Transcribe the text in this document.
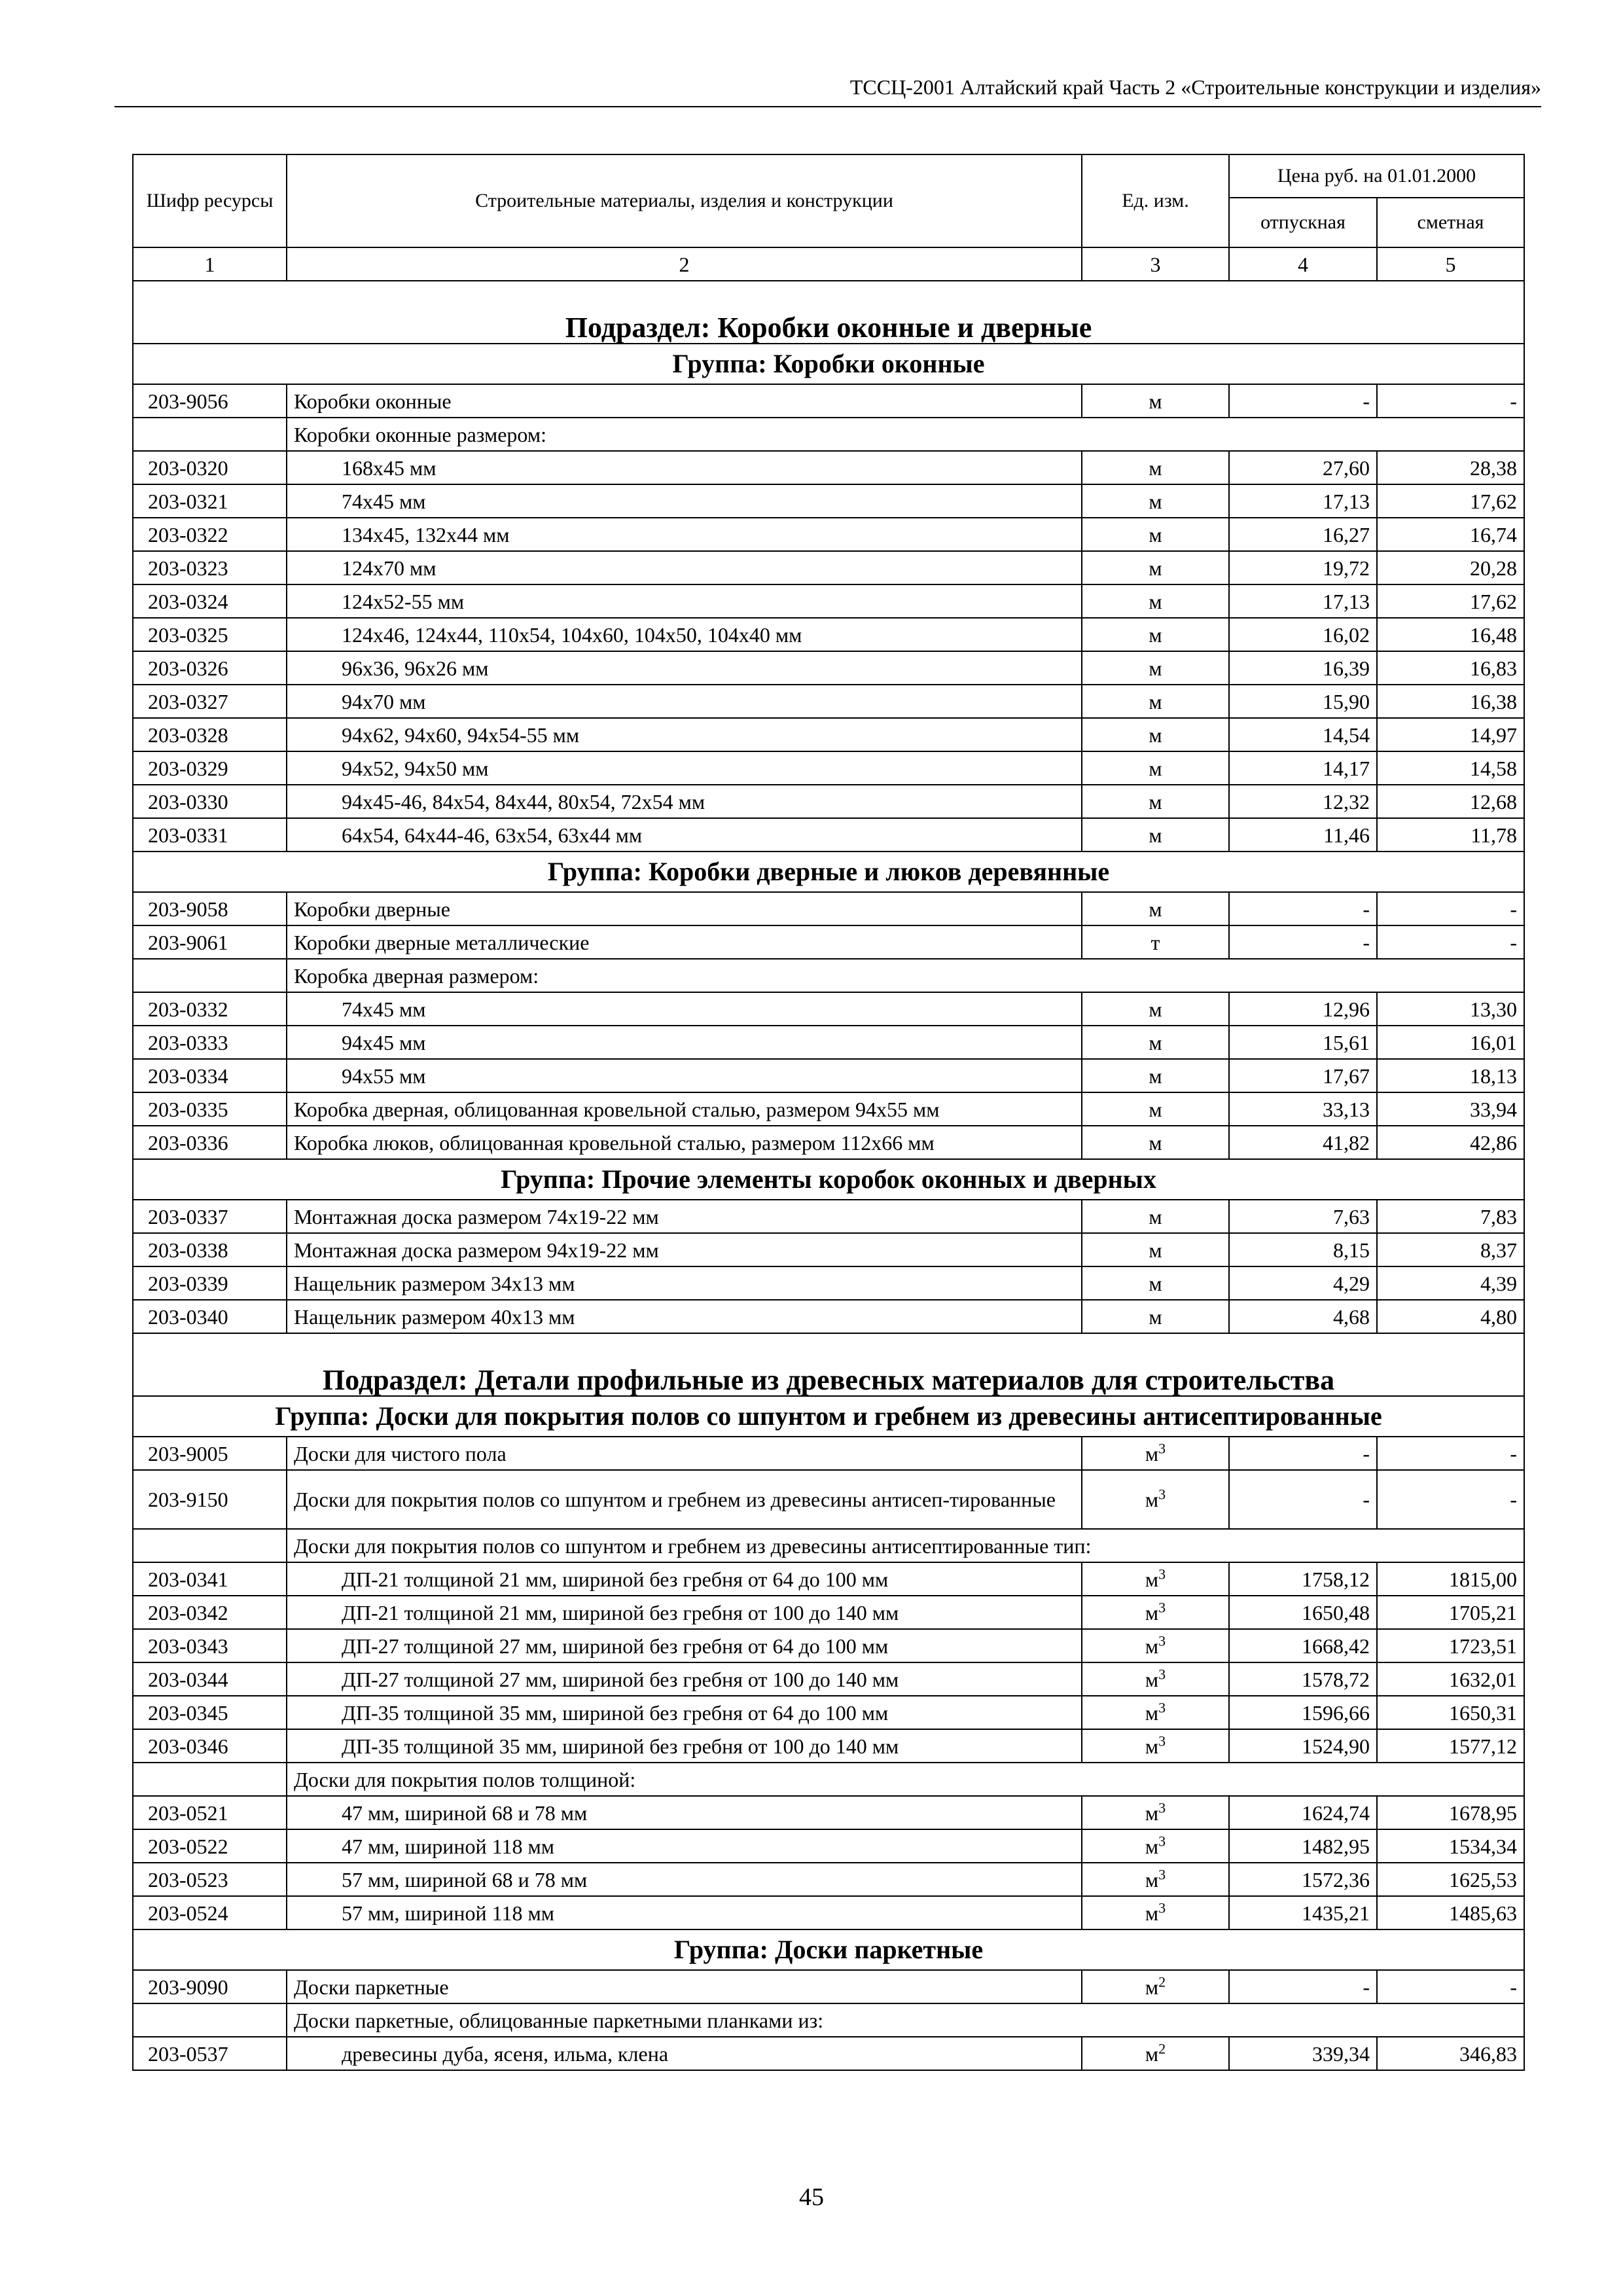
ТССЦ-2001 Алтайский край Часть 2 «Строительные конструкции и изделия»
Шифр ресурсы	Строительные материалы, изделия и конструкции	Ед. изм.	Цена руб. на 01.01.2000	
			отпускная	сметная
1	2	3	4	5
Подраздел: Коробки оконные и дверные				
Группа: Коробки оконные				
203-9056	Коробки оконные	м	-	-
	Коробки оконные размером:			
203-0320	168х45 мм	м	27,60	28,38
203-0321	74х45 мм	м	17,13	17,62
203-0322	134х45, 132х44 мм	м	16,27	16,74
203-0323	124х70 мм	м	19,72	20,28
203-0324	124х52-55 мм	м	17,13	17,62
203-0325	124х46, 124х44, 110х54, 104х60, 104х50, 104х40 мм	м	16,02	16,48
203-0326	96х36, 96х26 мм	м	16,39	16,83
203-0327	94х70 мм	м	15,90	16,38
203-0328	94х62, 94х60, 94х54-55 мм	м	14,54	14,97
203-0329	94х52, 94х50 мм	м	14,17	14,58
203-0330	94х45-46, 84х54, 84х44, 80х54, 72х54 мм	м	12,32	12,68
203-0331	64х54, 64х44-46, 63х54, 63х44 мм	м	11,46	11,78
Группа: Коробки дверные и люков деревянные				
203-9058	Коробки дверные	м	-	-
203-9061	Коробки дверные металлические	т	-	-
	Коробка дверная размером:			
203-0332	74х45 мм	м	12,96	13,30
203-0333	94х45 мм	м	15,61	16,01
203-0334	94х55 мм	м	17,67	18,13
203-0335	Коробка дверная, облицованная кровельной сталью, размером 94х55 мм	м	33,13	33,94
203-0336	Коробка люков, облицованная кровельной сталью, размером 112х66 мм	м	41,82	42,86
Группа: Прочие элементы коробок оконных и дверных				
203-0337	Монтажная доска размером 74х19-22 мм	м	7,63	7,83
203-0338	Монтажная доска размером 94х19-22 мм	м	8,15	8,37
203-0339	Нащельник размером 34х13 мм	м	4,29	4,39
203-0340	Нащельник размером 40х13 мм	м	4,68	4,80
Подраздел: Детали профильные из древесных материалов для строительства				
Группа: Доски для покрытия полов со шпунтом и гребнем из древесины антисептированные				
203-9005	Доски для чистого пола	$м^3$	-	-
203-9150	Доски для покрытия полов со шпунтом и гребнем из древесины антисеп-тированные	$м^3$	-	-
	Доски для покрытия полов со шпунтом и гребнем из древесины антисептированные тип:			
203-0341	ДП-21 толщиной 21 мм, шириной без гребня от 64 до 100 мм	$м^3$	1758,12	1815,00
203-0342	ДП-21 толщиной 21 мм, шириной без гребня от 100 до 140 мм	$м^3$	1650,48	1705,21
203-0343	ДП-27 толщиной 27 мм, шириной без гребня от 64 до 100 мм	$м^3$	1668,42	1723,51
203-0344	ДП-27 толщиной 27 мм, шириной без гребня от 100 до 140 мм	$м^3$	1578,72	1632,01
203-0345	ДП-35 толщиной 35 мм, шириной без гребня от 64 до 100 мм	$м^3$	1596,66	1650,31
203-0346	ДП-35 толщиной 35 мм, шириной без гребня от 100 до 140 мм	$м^3$	1524,90	1577,12
	Доски для покрытия полов толщиной:			
203-0521	47 мм, шириной 68 и 78 мм	$м^3$	1624,74	1678,95
203-0522	47 мм, шириной 118 мм	$м^3$	1482,95	1534,34
203-0523	57 мм, шириной 68 и 78 мм	$м^3$	1572,36	1625,53
203-0524	57 мм, шириной 118 мм	$м^3$	1435,21	1485,63
Группа: Доски паркетные				
203-9090	Доски паркетные	$м^2$	-	-
	Доски паркетные, облицованные паркетными планками из:			
203-0537	древесины дуба, ясеня, ильма, клена	$м^2$	339,34	346,83
45
